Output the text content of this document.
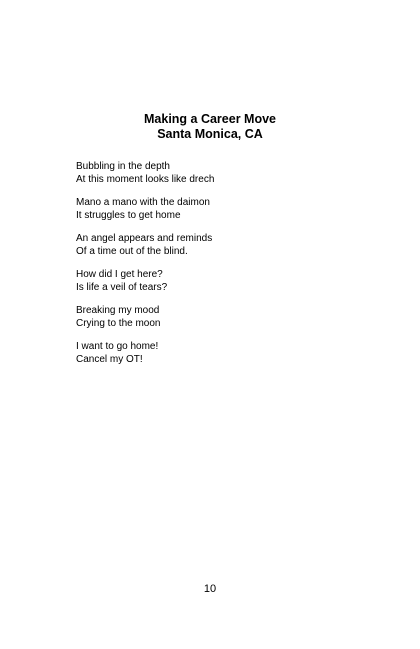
Making a Career Move
Santa Monica, CA
Bubbling in the depth
At this moment looks like drech
Mano a mano with the daimon
It struggles to get home
An angel appears and reminds
Of a time out of the blind.
How did I get here?
Is life a veil of tears?
Breaking my mood
Crying to the moon
I want to go home!
Cancel my OT!
10
